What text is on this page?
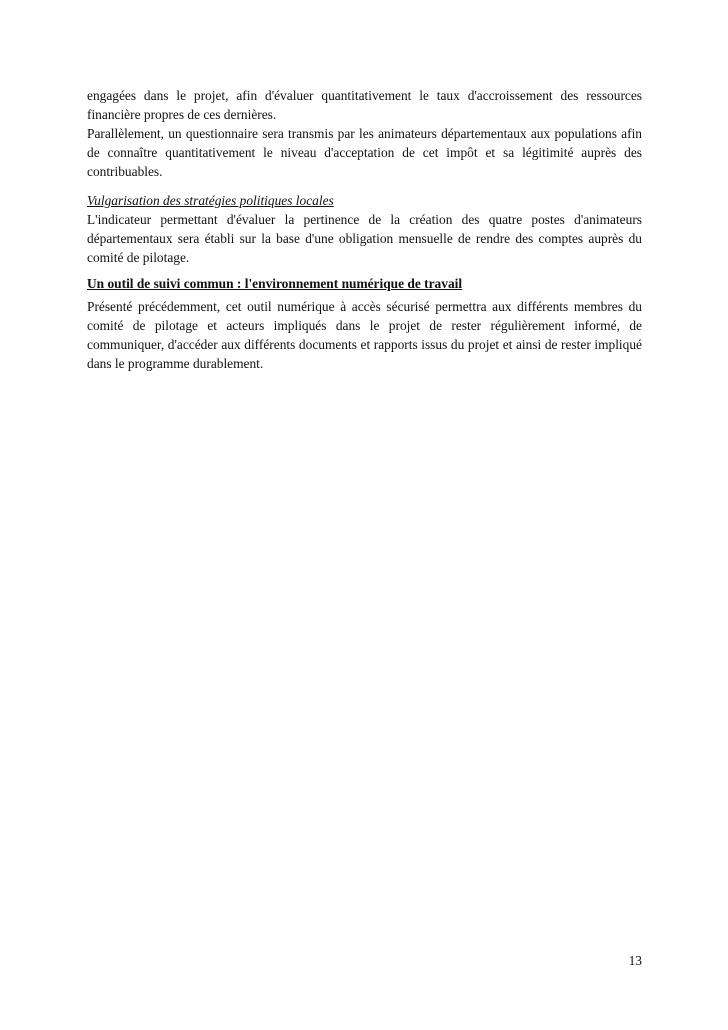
engagées dans le projet, afin d'évaluer quantitativement le taux d'accroissement des ressources financière propres de ces dernières.

Parallèlement, un questionnaire sera transmis par les animateurs départementaux aux populations afin de connaître quantitativement le niveau d'acceptation de cet impôt et sa légitimité auprès des contribuables.

Vulgarisation des stratégies politiques locales

L'indicateur permettant d'évaluer la pertinence de la création des quatre postes d'animateurs départementaux sera établi sur la base d'une obligation mensuelle de rendre des comptes auprès du comité de pilotage.

Un outil de suivi commun : l'environnement numérique de travail

Présenté précédemment, cet outil numérique à accès sécurisé permettra aux différents membres du comité de pilotage et acteurs impliqués dans le projet de rester régulièrement informé, de communiquer, d'accéder aux différents documents et rapports issus du projet et ainsi de rester impliqué dans le programme durablement.

13
